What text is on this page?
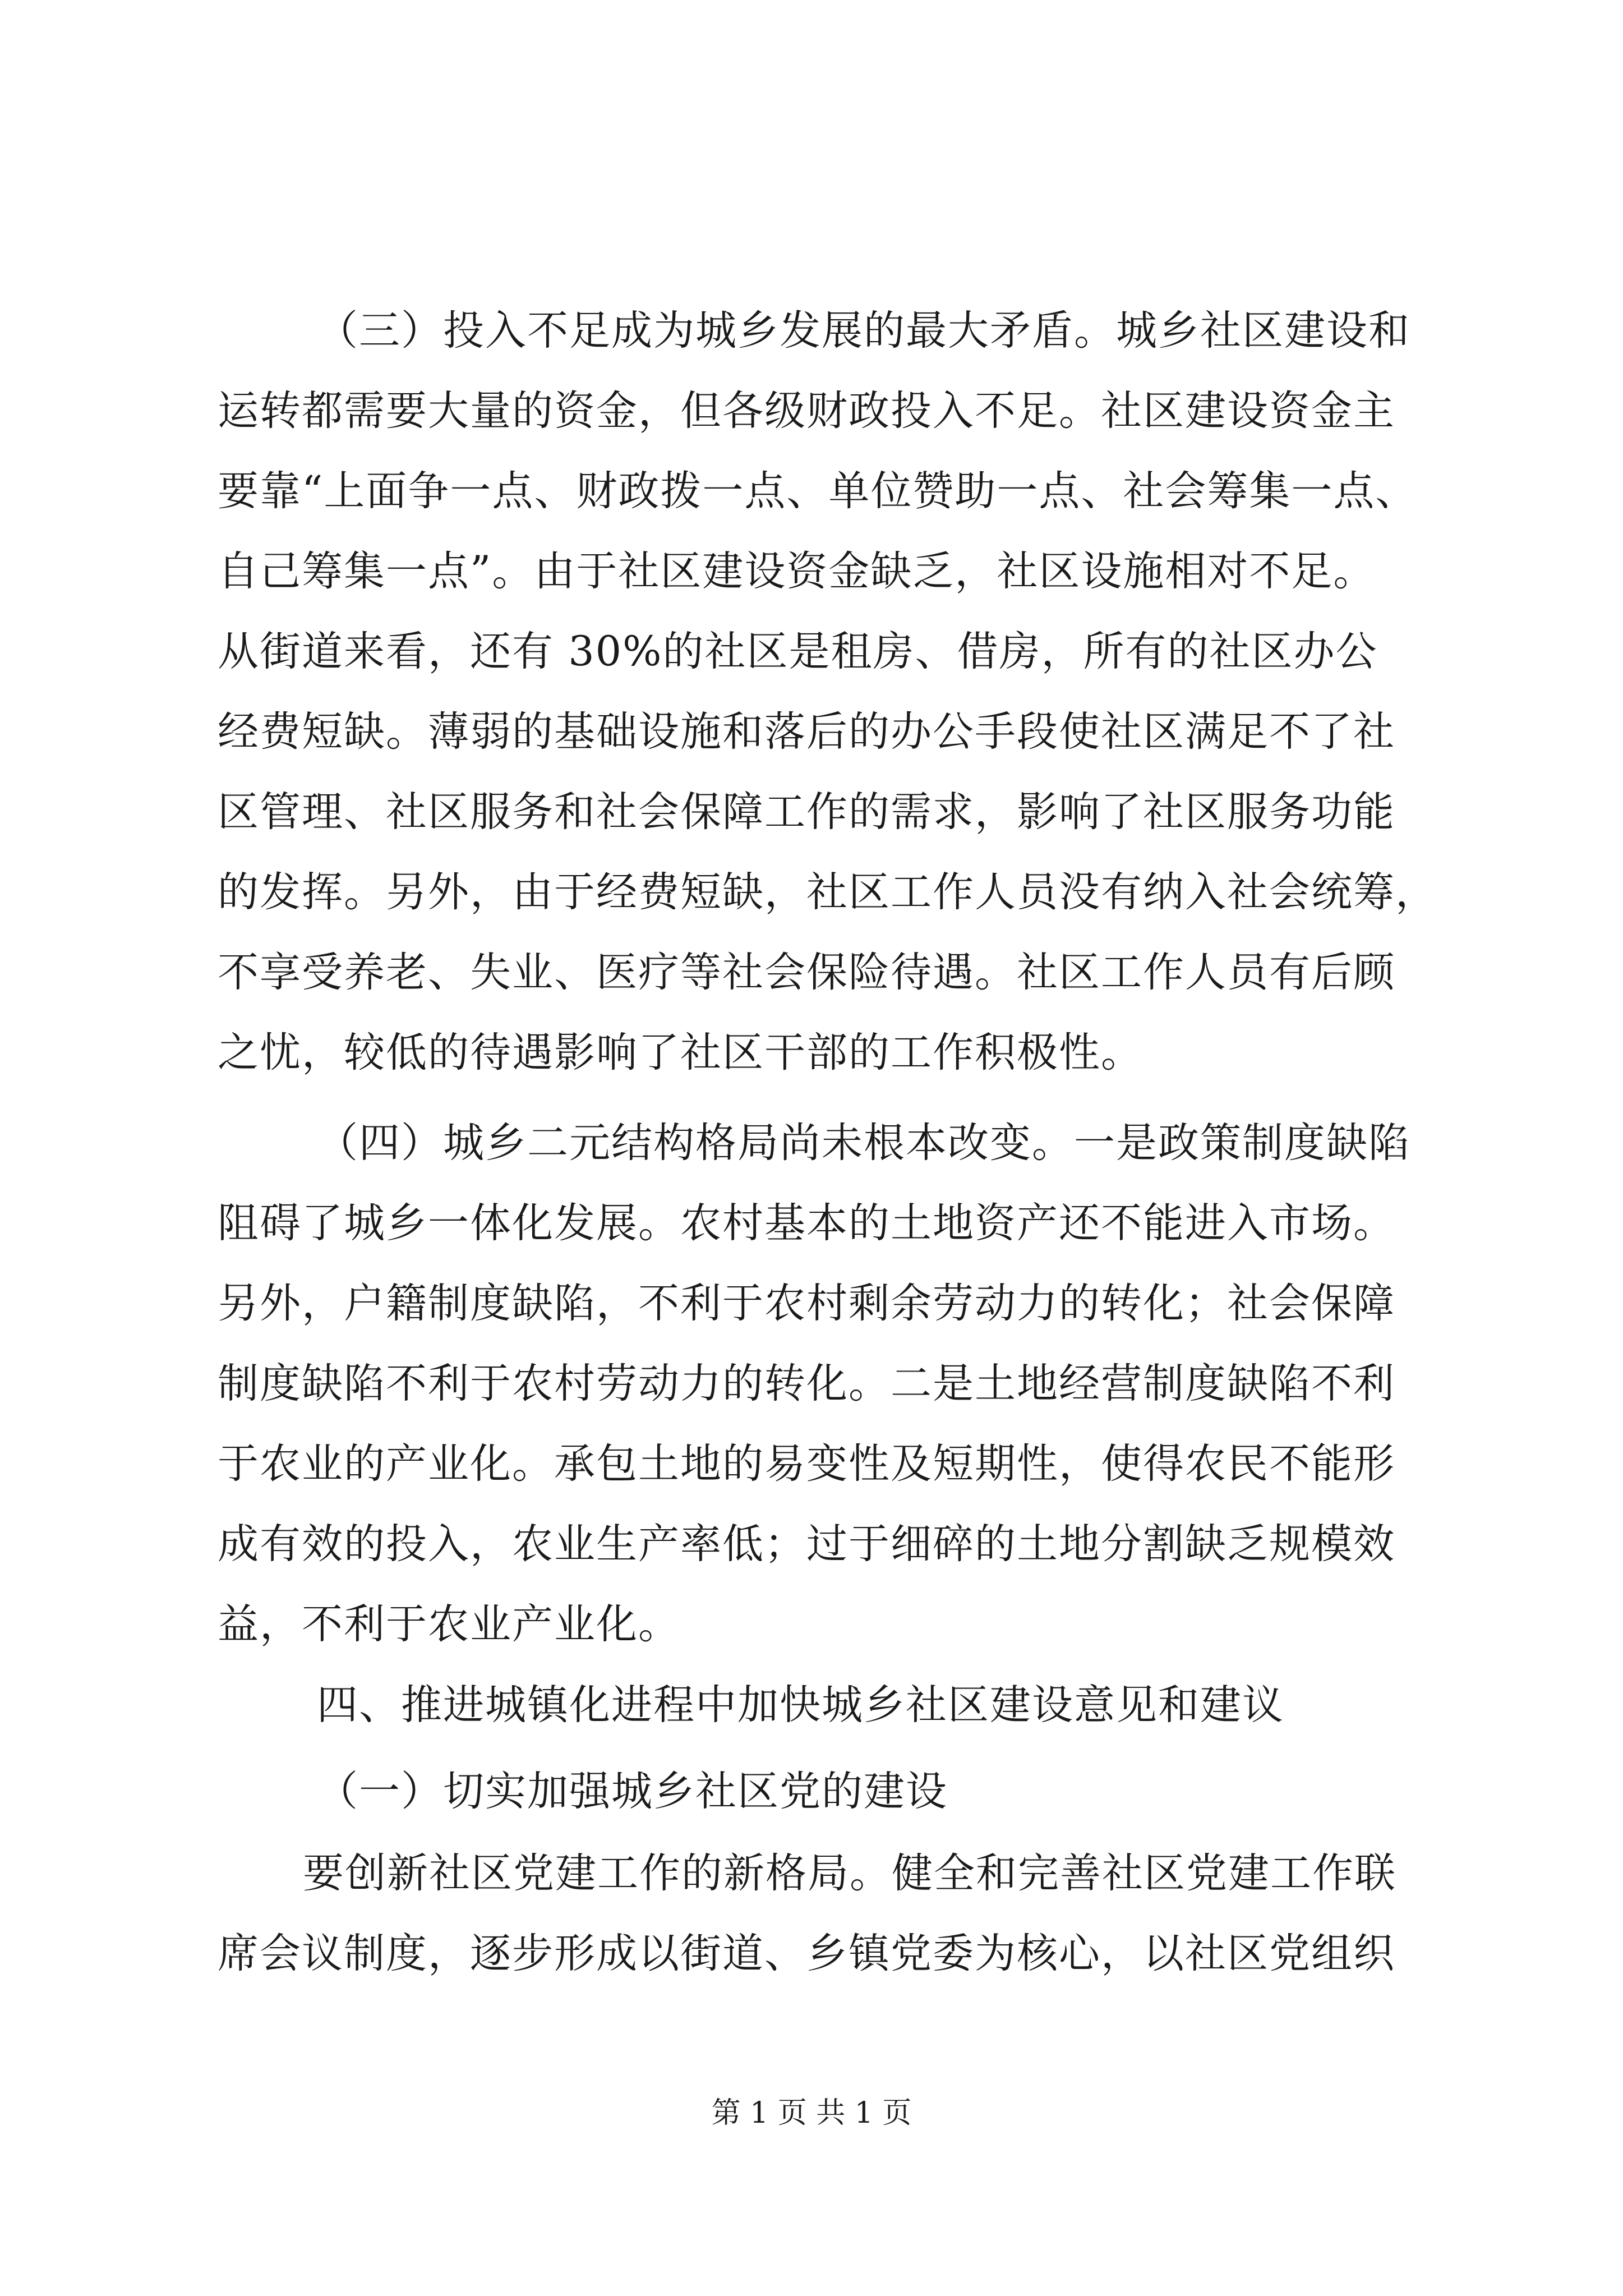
（三）投入不足成为城乡发展的最大矛盾。城乡社区建设和
运转都需要大量的资金，但各级财政投入不足。社区建设资金主
要靠“上面争一点、财政拨一点、单位赞助一点、社会筹集一点、
自己筹集一点”。由于社区建设资金缺乏，社区设施相对不足。
从街道来看，还有 30%的社区是租房、借房，所有的社区办公
经费短缺。薄弱的基础设施和落后的办公手段使社区满足不了社
区管理、社区服务和社会保障工作的需求，影响了社区服务功能
的发挥。另外，由于经费短缺，社区工作人员没有纳入社会统筹，
不享受养老、失业、医疗等社会保险待遇。社区工作人员有后顾
之忧，较低的待遇影响了社区干部的工作积极性。
（四）城乡二元结构格局尚未根本改变。一是政策制度缺陷
阻碍了城乡一体化发展。农村基本的土地资产还不能进入市场。
另外，户籍制度缺陷，不利于农村剩余劳动力的转化；社会保障
制度缺陷不利于农村劳动力的转化。二是土地经营制度缺陷不利
于农业的产业化。承包土地的易变性及短期性，使得农民不能形
成有效的投入，农业生产率低；过于细碎的土地分割缺乏规模效
益，不利于农业产业化。
四、推进城镇化进程中加快城乡社区建设意见和建议
（一）切实加强城乡社区党的建设
要创新社区党建工作的新格局。健全和完善社区党建工作联
席会议制度，逐步形成以街道、乡镇党委为核心，以社区党组织
第 1 页 共 1 页
